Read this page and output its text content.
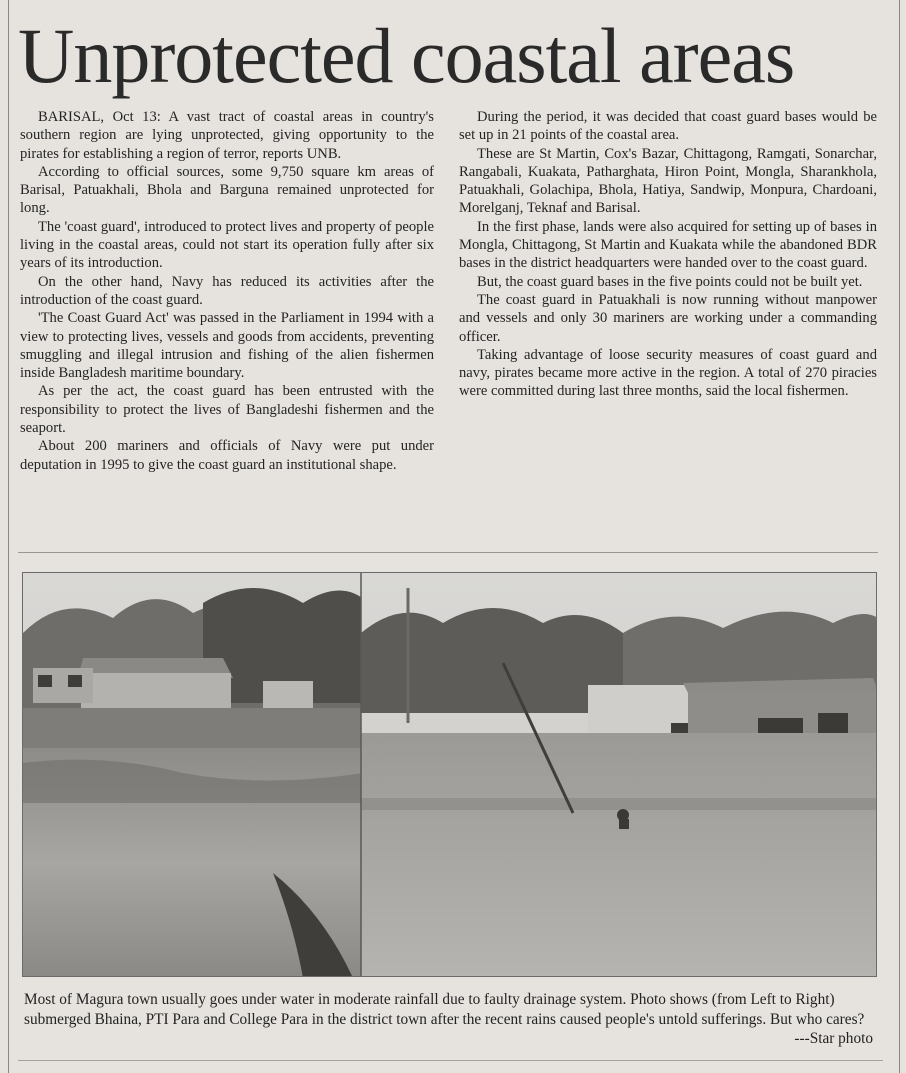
Unprotected coastal areas

BARISAL, Oct 13: A vast tract of coastal areas in country's southern region are lying unprotected, giving opportunity to the pirates for establishing a region of terror, reports UNB.

According to official sources, some 9,750 square km areas of Barisal, Patuakhali, Bhola and Barguna remained unprotected for long.

The 'coast guard', introduced to protect lives and property of people living in the coastal areas, could not start its operation fully after six years of its introduction.

On the other hand, Navy has reduced its activities after the introduction of the coast guard.

'The Coast Guard Act' was passed in the Parliament in 1994 with a view to protecting lives, vessels and goods from accidents, preventing smuggling and illegal intrusion and fishing of the alien fishermen inside Bangladesh maritime boundary.

As per the act, the coast guard has been entrusted with the responsibility to protect the lives of Bangladeshi fishermen and the seaport.

About 200 mariners and officials of Navy were put under deputation in 1995 to give the coast guard an institutional shape.

During the period, it was decided that coast guard bases would be set up in 21 points of the coastal area.

These are St Martin, Cox's Bazar, Chittagong, Ramgati, Sonarchar, Rangabali, Kuakata, Patharghata, Hiron Point, Mongla, Sharankhola, Patuakhali, Golachipa, Bhola, Hatiya, Sandwip, Monpura, Chardoani, Morelganj, Teknaf and Barisal.

In the first phase, lands were also acquired for setting up of bases in Mongla, Chittagong, St Martin and Kuakata while the abandoned BDR bases in the district headquarters were handed over to the coast guard.

But, the coast guard bases in the five points could not be built yet.

The coast guard in Patuakhali is now running without manpower and vessels and only 30 mariners are working under a commanding officer.

Taking advantage of loose security measures of coast guard and navy, pirates became more active in the region. A total of 270 piracies were committed during last three months, said the local fishermen.

Most of Magura town usually goes under water in moderate rainfall due to faulty drainage system. Photo shows (from Left to Right) submerged Bhaina, PTI Para and College Para in the district town after the recent rains caused people's untold sufferings. But who cares?
---Star photo
